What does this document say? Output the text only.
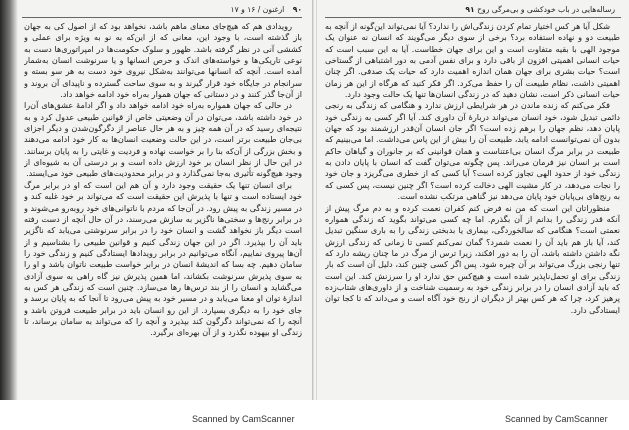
۹۰ ارغنون / ۱۶ و ۱۷

رویدادی هم که هیچ‌جای معنای ماهم باشد، نخواهد بود که از اصول کی به جهان باز گذشته است، با وجود این، معانی که از این‌که به نو به ویژه برای عملی و کششی آنی در نظر گرفته باشد. ظهور و سلوک حکومت‌ها در امپراتوری‌ها دست به نوعی تاریکی‌ها و خواسته‌های اندک و حرص انسانها و یا سرنوشت انسان به‌شمار آمده است. آنچه که انسانها می‌توانند به‌شکل نیروی خود دست به هر سو بسته و سرانجام در جایگاه خود قرار گیرند و به سوی ساحت گسترده و ناپیدای آن بروند و از آن‌جا گذر کنند و در دستانی که جهان هموار به‌راه خود ادامه خواهد داد.

در حالی که جهان همواره به‌راه خود ادامه خواهد داد و اگر ادامهٔ عشق‌های آن‌را در خود داشته باشد، می‌توان در آن وضعیتی خاص از قوانین طبیعی عدول کرد و به نتیجه‌ای رسید که در آن همه چیز و به هر حال عناصر از دگرگون‌شدن و دیگر اجزای بی‌جان طبیعت برتر است، در این حالت وضعیت انسان‌ها به کار خود ادامه می‌دهند و بخش بزرگی از آن‌که بنا را بر خواست نهاده و فردیت و غایتی را به پایان برسانند. در این حال از نظر انسان بر خود ارزش داده است و بر درستی آن به شیوه‌ای از وجود هیچ‌گونه تأثیری به‌جا نمی‌گذارد و در برابر محدودیت‌های طبیعی خود می‌ایستد.

برای انسان تنها یک حقیقت وجود دارد و آن هم این است که او در برابر مرگ خود ایستاده است و تنها با پذیرش این حقیقت است که می‌تواند بر خود غلبه کند و در مسیر زندگی به پیش رود. در آن‌جا که مردم با ناتوانی‌های خود روبه‌رو می‌شوند و در برابر رنج‌ها و سختی‌ها ناگزیر به سازش می‌رسند، در آن حال آنچه از دست رفته است دیگر باز نخواهد گشت و انسان خود را در برابر سرنوشتی می‌یابد که ناگزیر باید آن را بپذیرد. اگر در این جهان زندگی کنیم و قوانین طبیعی را بشناسیم و از آن‌ها پیروی نماییم، آنگاه می‌توانیم در برابر رویدادها ایستادگی کنیم و زندگی خود را سامان دهیم. چه بسا که اندیشهٔ انسان در برابر خواست طبیعت ناتوان باشد و او را به سوی پذیرش سرنوشت بکشاند، اما همین پذیرش نیز گاه راهی به سوی آزادی می‌گشاید و انسان را از بند ترس‌ها رها می‌سازد. چنین است که زندگی هر کس به اندازهٔ توان او معنا می‌یابد و در مسیر خود به پیش می‌رود تا آنجا که به پایان برسد و جای خود را به دیگری بسپارد. از این رو انسان باید در برابر طبیعت فروتن باشد و آنچه را که نمی‌تواند دگرگون کند بپذیرد و آنچه را که می‌تواند به سامان برساند، تا زندگی او بیهوده نگذرد و از آن بهره‌ای برگیرد.

رساله‌هایی در باب خودکشی و بی‌مرگی روح ۹۱

شکل آیا هر کس اختیار تمام کردن زندگی‌اش را ندارد؟ آیا نمی‌تواند این‌گونه از آنچه به طبیعت دو و نهاده استفاده برد؟ برخی از سوی دیگر می‌گویند که انسان نه عنوان یک موجود الهی با بقیه متفاوت است و این برای جهان خطاست. آیا به این سبب است که حیات انسانی اهمیتی افزون از باقی دارد و برای نفس آدمی به دور اشتباهی از گستاخی است؟ حیات بشری برای جهان همان اندازه اهمیت دارد که حیات یک صدفی. اگر چنان اهمیتی داشت، نظام طبیعت آن را حفظ می‌کرد. اگر فکر کنید که هرگاه از این هر زمان حیات انسانی ذکر است، نشان دهید که در زندگی انسان‌ها تنها یک حالت وجود دارد.

فکر می‌کنم که زنده ماندن در هر شرایطی ارزش ندارد و هنگامی که زندگی به رنجی دائمی تبدیل شود، خود انسان می‌تواند دربارهٔ آن داوری کند. آیا اگر کسی به زندگی خود پایان دهد، نظم جهان را برهم زده است؟ اگر جان انسان آن‌قدر ارزشمند بود که جهان بدون آن نمی‌توانست ادامه یابد، طبیعت آن را بیش از این پاس می‌داشت. اما می‌بینیم که طبیعت در برابر مرگ انسان بی‌اعتناست و همان قوانینی که بر جانوران و گیاهان حاکم است بر انسان نیز فرمان می‌راند. پس چگونه می‌توان گفت که انسان با پایان دادن به زندگی خود از حدود الهی تجاوز کرده است؟ آیا کسی که از خطری می‌گریزد و جان خود را نجات می‌دهد، در کار مشیت الهی دخالت کرده است؟ اگر چنین نیست، پس کسی که به رنج‌های بی‌پایان خود پایان می‌دهد نیز گناهی مرتکب نشده است.

منظوراتان این است که من نه فرض کنم کفران نعمت کرده و به دم مرگ پیش از آنکه قدر زندگی را بدانم از آن بگذرم. اما چه کسی می‌تواند بگوید که زندگی همواره نعمتی است؟ هنگامی که سالخوردگی، بیماری یا بدبختی زندگی را به باری سنگین تبدیل کند، آیا باز هم باید آن را نعمت شمرد؟ گمان نمی‌کنم کسی تا زمانی که زندگی ارزش نگه داشتن داشته باشد، آن را به دور افکند، زیرا ترس از مرگ در ما چنان ریشه دارد که تنها رنجی بزرگ می‌تواند بر آن چیره شود. پس اگر کسی چنین کند، دلیل آن است که بار زندگی برای او تحمل‌ناپذیر شده است و هیچ‌کس حق ندارد او را سرزنش کند. این است که باید آزادی انسان را در برابر زندگی خود به رسمیت شناخت و از داوری‌های شتاب‌زده پرهیز کرد، چرا که هر کس بهتر از دیگران از رنج خود آگاه است و می‌داند که تا کجا توان ایستادگی دارد.

Scanned by CamScanner	Scanned by CamScanner
